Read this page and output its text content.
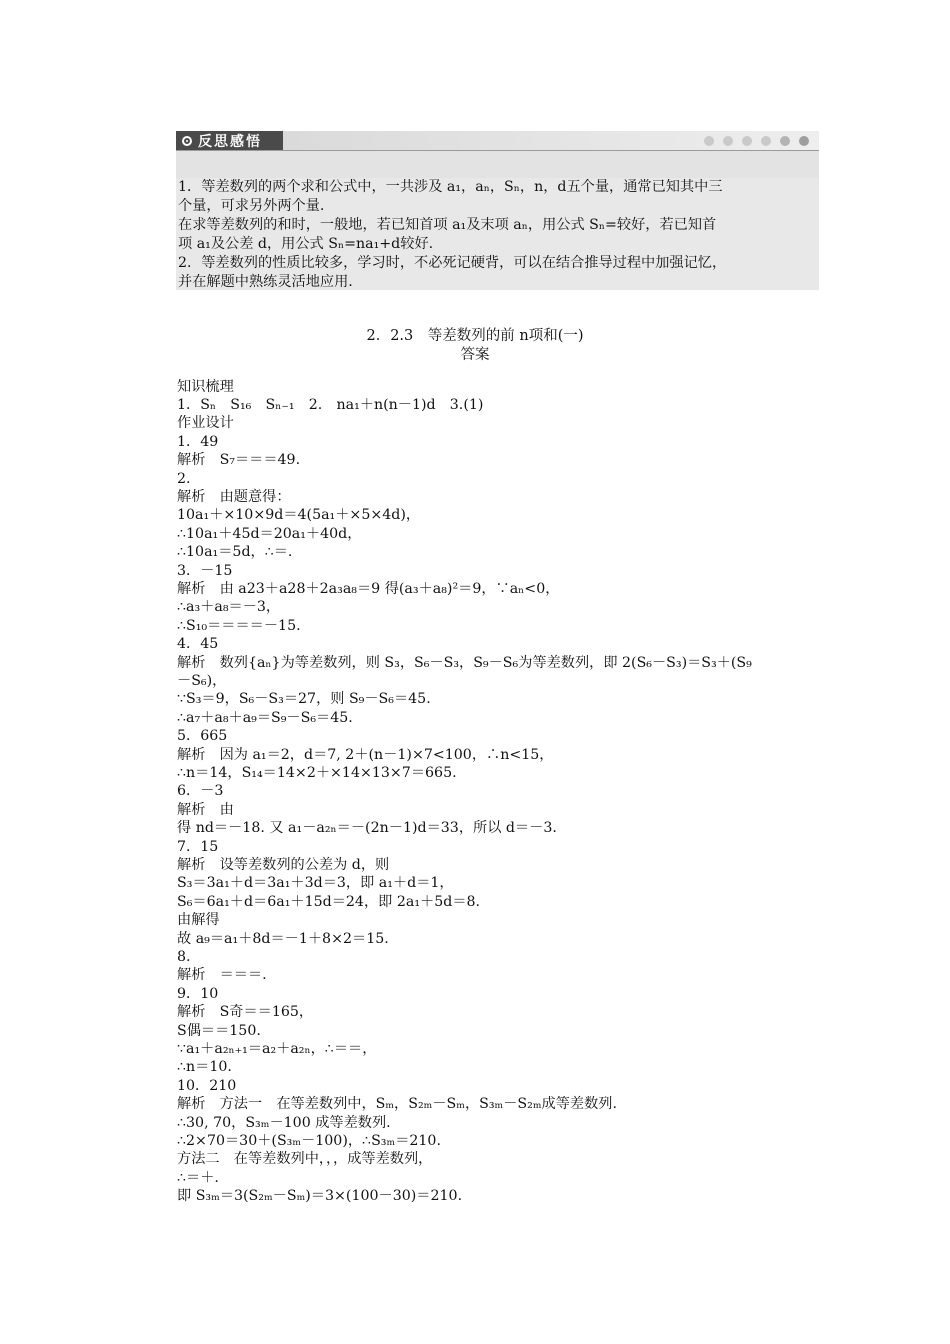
反思感悟
1．等差数列的两个求和公式中，一共涉及 a₁，aₙ，Sₙ，n，d五个量，通常已知其中三
个量，可求另外两个量.
在求等差数列的和时，一般地，若已知首项 a₁及末项 aₙ，用公式 Sₙ=较好，若已知首
项 a₁及公差 d，用公式 Sₙ=na₁+d较好.
2．等差数列的性质比较多，学习时，不必死记硬背，可以在结合推导过程中加强记忆，
并在解题中熟练灵活地应用.
2．2.3　等差数列的前 n项和(一)
答案
知识梳理
1．Sₙ　S₁₆　Sₙ₋₁　2.　na₁＋n(n－1)d　3.(1)
作业设计
1．49
解析　S₇＝＝＝49.
2.
解析　由题意得：
10a₁＋×10×9d＝4(5a₁＋×5×4d)，
∴10a₁＋45d＝20a₁＋40d，
∴10a₁＝5d，∴＝.
3．－15
解析　由 a23＋a28＋2a₃a₈＝9 得(a₃＋a₈)²＝9，∵aₙ<0，
∴a₃＋a₈＝－3，
∴S₁₀＝＝＝＝－15.
4．45
解析　数列{aₙ}为等差数列，则 S₃，S₆－S₃，S₉－S₆为等差数列，即 2(S₆－S₃)＝S₃＋(S₉
－S₆)，
∵S₃＝9，S₆－S₃＝27，则 S₉－S₆＝45.
∴a₇＋a₈＋a₉＝S₉－S₆＝45.
5．665
解析　因为 a₁＝2，d＝7, 2＋(n－1)×7<100，∴n<15，
∴n＝14，S₁₄＝14×2＋×14×13×7＝665.
6．－3
解析　由
得 nd＝－18. 又 a₁－a₂ₙ＝－(2n－1)d＝33，所以 d＝－3.
7．15
解析　设等差数列的公差为 d，则
S₃＝3a₁＋d＝3a₁＋3d＝3，即 a₁＋d＝1，
S₆＝6a₁＋d＝6a₁＋15d＝24，即 2a₁＋5d＝8.
由解得
故 a₉＝a₁＋8d＝－1＋8×2＝15.
8.
解析　＝＝＝.
9．10
解析　S奇＝＝165，
S偶＝＝150.
∵a₁＋a₂ₙ₊₁＝a₂＋a₂ₙ，∴＝＝，
∴n＝10.
10．210
解析　方法一　在等差数列中，Sₘ，S₂ₘ－Sₘ，S₃ₘ－S₂ₘ成等差数列.
∴30, 70，S₃ₘ－100 成等差数列.
∴2×70＝30＋(S₃ₘ－100)，∴S₃ₘ＝210.
方法二　在等差数列中，，，成等差数列，
∴＝＋.
即 S₃ₘ＝3(S₂ₘ－Sₘ)＝3×(100－30)＝210.
